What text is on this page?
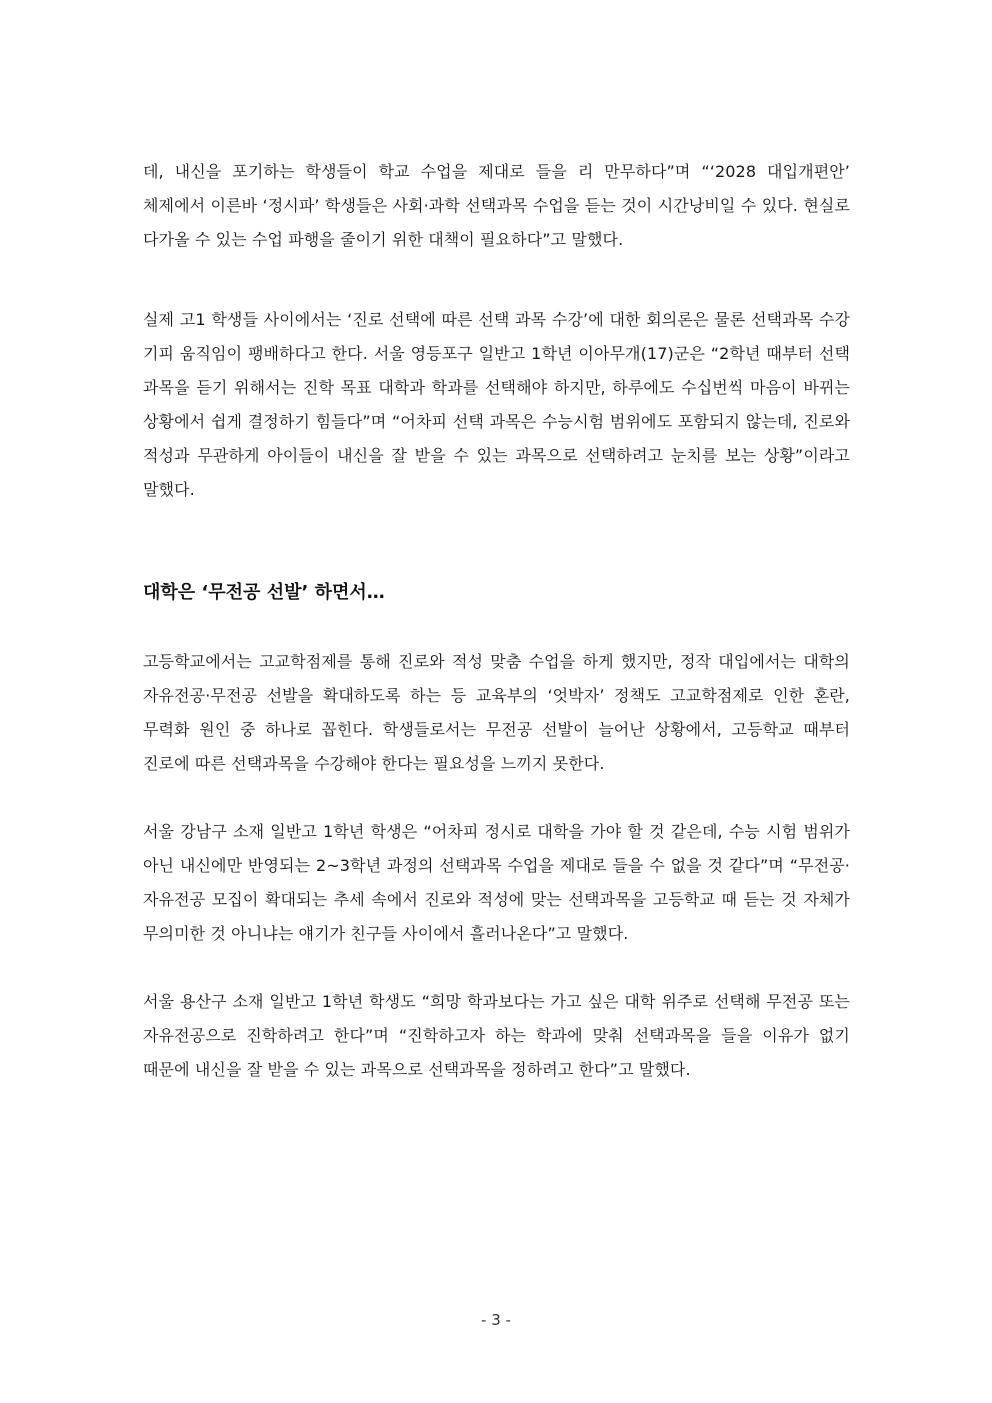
데, 내신을 포기하는 학생들이 학교 수업을 제대로 들을 리 만무하다”며 “‘2028 대입개편안’ 체제에서 이른바 ‘정시파’ 학생들은 사회·과학 선택과목 수업을 듣는 것이 시간낭비일 수 있다. 현실로 다가올 수 있는 수업 파행을 줄이기 위한 대책이 필요하다”고 말했다.

실제 고1 학생들 사이에서는 ‘진로 선택에 따른 선택 과목 수강’에 대한 회의론은 물론 선택과목 수강 기피 움직임이 팽배하다고 한다. 서울 영등포구 일반고 1학년 이아무개(17)군은 “2학년 때부터 선택 과목을 듣기 위해서는 진학 목표 대학과 학과를 선택해야 하지만, 하루에도 수십번씩 마음이 바뀌는 상황에서 쉽게 결정하기 힘들다”며 “어차피 선택 과목은 수능시험 범위에도 포함되지 않는데, 진로와 적성과 무관하게 아이들이 내신을 잘 받을 수 있는 과목으로 선택하려고 눈치를 보는 상황”이라고 말했다.

대학은 ‘무전공 선발’ 하면서…

고등학교에서는 고교학점제를 통해 진로와 적성 맞춤 수업을 하게 했지만, 정작 대입에서는 대학의 자유전공·무전공 선발을 확대하도록 하는 등 교육부의 ‘엇박자’ 정책도 고교학점제로 인한 혼란, 무력화 원인 중 하나로 꼽힌다. 학생들로서는 무전공 선발이 늘어난 상황에서, 고등학교 때부터 진로에 따른 선택과목을 수강해야 한다는 필요성을 느끼지 못한다.

서울 강남구 소재 일반고 1학년 학생은 “어차피 정시로 대학을 가야 할 것 같은데, 수능 시험 범위가 아닌 내신에만 반영되는 2~3학년 과정의 선택과목 수업을 제대로 들을 수 없을 것 같다”며 “무전공·자유전공 모집이 확대되는 추세 속에서 진로와 적성에 맞는 선택과목을 고등학교 때 듣는 것 자체가 무의미한 것 아니냐는 얘기가 친구들 사이에서 흘러나온다”고 말했다.

서울 용산구 소재 일반고 1학년 학생도 “희망 학과보다는 가고 싶은 대학 위주로 선택해 무전공 또는 자유전공으로 진학하려고 한다”며 “진학하고자 하는 학과에 맞춰 선택과목을 들을 이유가 없기 때문에 내신을 잘 받을 수 있는 과목으로 선택과목을 정하려고 한다”고 말했다.

- 3 -
